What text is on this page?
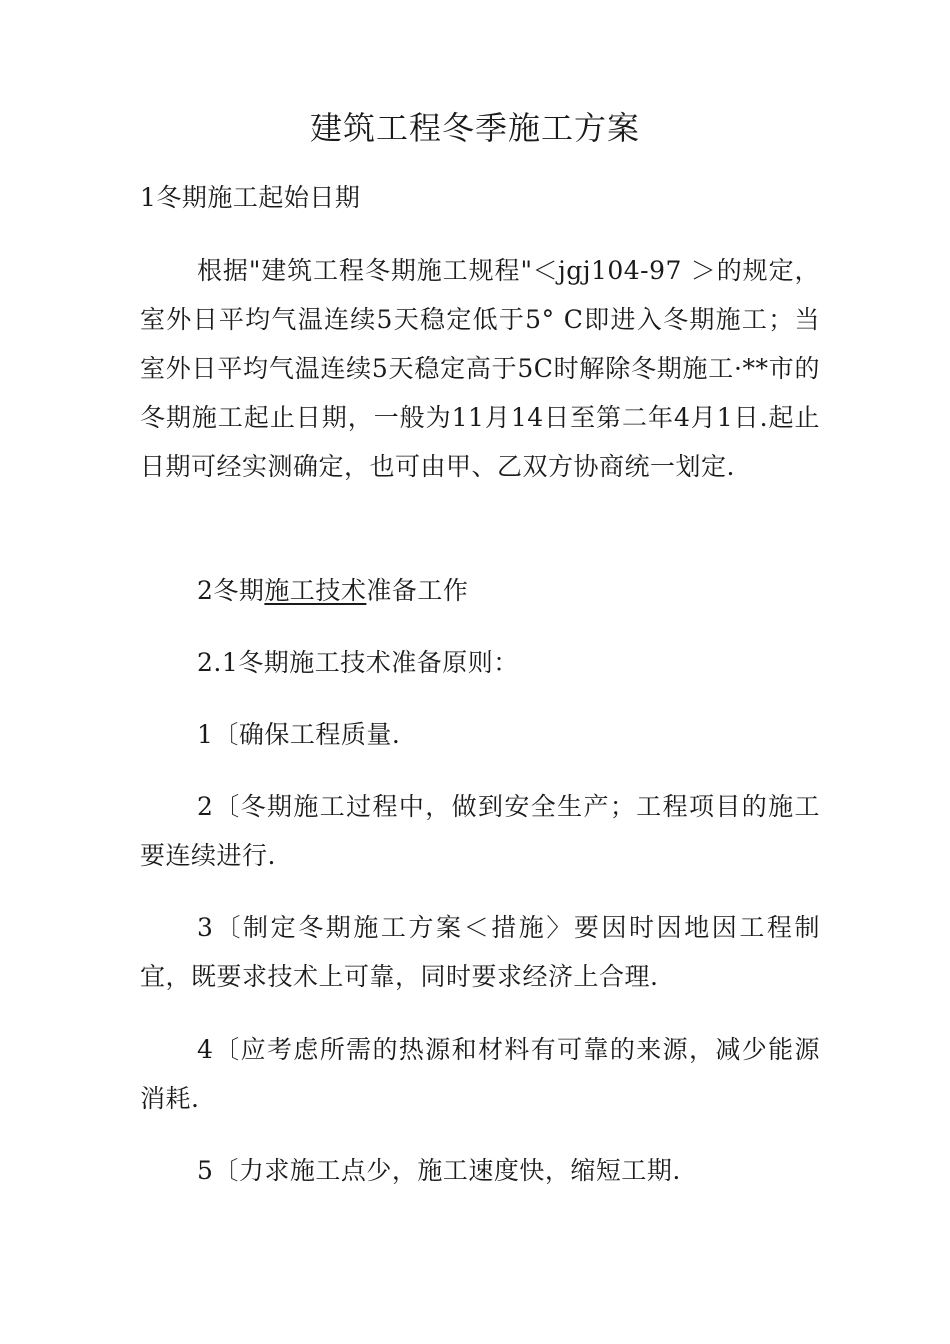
建筑工程冬季施工方案

1冬期施工起始日期

根据"建筑工程冬期施工规程"＜jgj104-97 ＞的规定，室外日平均气温连续5天稳定低于5° C即进入冬期施工；当室外日平均气温连续5天稳定高于5C时解除冬期施工·**市的冬期施工起止日期，一般为11月14日至第二年4月1日.起止日期可经实测确定，也可由甲、乙双方协商统一划定.

2冬期施工技术准备工作

2.1冬期施工技术准备原则：

1〔确保工程质量.

2〔冬期施工过程中，做到安全生产；工程项目的施工要连续进行.

3〔制定冬期施工方案＜措施〉要因时因地因工程制宜，既要求技术上可靠，同时要求经济上合理.

4〔应考虑所需的热源和材料有可靠的来源，减少能源消耗.

5〔力求施工点少，施工速度快，缩短工期.
